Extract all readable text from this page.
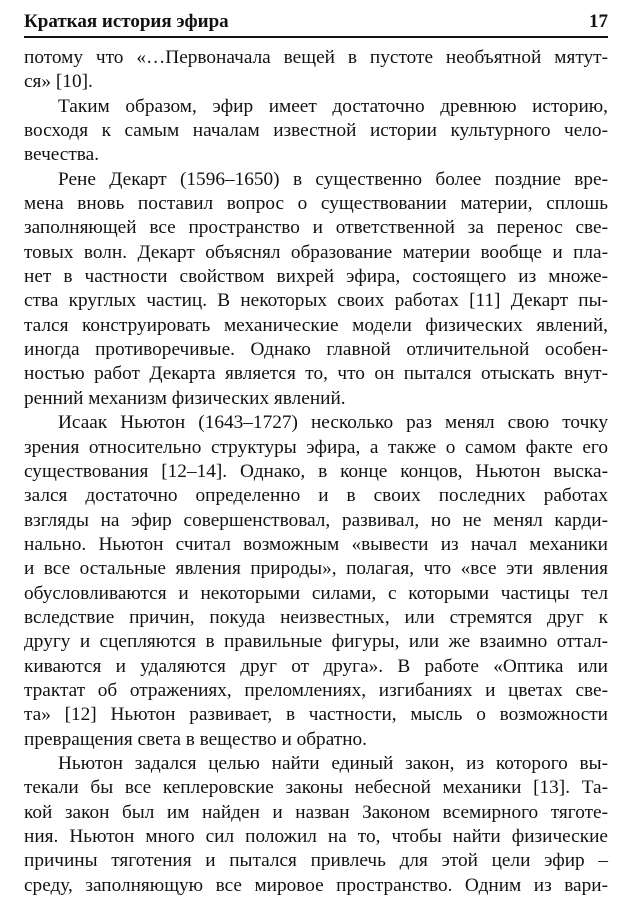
Краткая история эфира	17
потому что «…Первоначала вещей в пустоте необъятной мятут-
ся» [10].
Таким образом, эфир имеет достаточно древнюю историю,
восходя к самым началам известной истории культурного чело-
вечества.
Рене Декарт (1596–1650) в существенно более поздние вре-
мена вновь поставил вопрос о существовании материи, сплошь
заполняющей все пространство и ответственной за перенос све-
товых волн. Декарт объяснял образование материи вообще и пла-
нет в частности свойством вихрей эфира, состоящего из множе-
ства круглых частиц. В некоторых своих работах [11] Декарт пы-
тался конструировать механические модели физических явлений,
иногда противоречивые. Однако главной отличительной особен-
ностью работ Декарта является то, что он пытался отыскать внут-
ренний механизм физических явлений.
Исаак Ньютон (1643–1727) несколько раз менял свою точку
зрения относительно структуры эфира, а также о самом факте его
существования [12–14]. Однако, в конце концов, Ньютон выска-
зался достаточно определенно и в своих последних работах
взгляды на эфир совершенствовал, развивал, но не менял карди-
нально. Ньютон считал возможным «вывести из начал механики
и все остальные явления природы», полагая, что «все эти явления
обусловливаются и некоторыми силами, с которыми частицы тел
вследствие причин, покуда неизвестных, или стремятся друг к
другу и сцепляются в правильные фигуры, или же взаимно оттал-
киваются и удаляются друг от друга». В работе «Оптика или
трактат об отражениях, преломлениях, изгибаниях и цветах све-
та» [12] Ньютон развивает, в частности, мысль о возможности
превращения света в вещество и обратно.
Ньютон задался целью найти единый закон, из которого вы-
текали бы все кеплеровские законы небесной механики [13]. Та-
кой закон был им найден и назван Законом всемирного тяготе-
ния. Ньютон много сил положил на то, чтобы найти физические
причины тяготения и пытался привлечь для этой цели эфир –
среду, заполняющую все мировое пространство. Одним из вари-
